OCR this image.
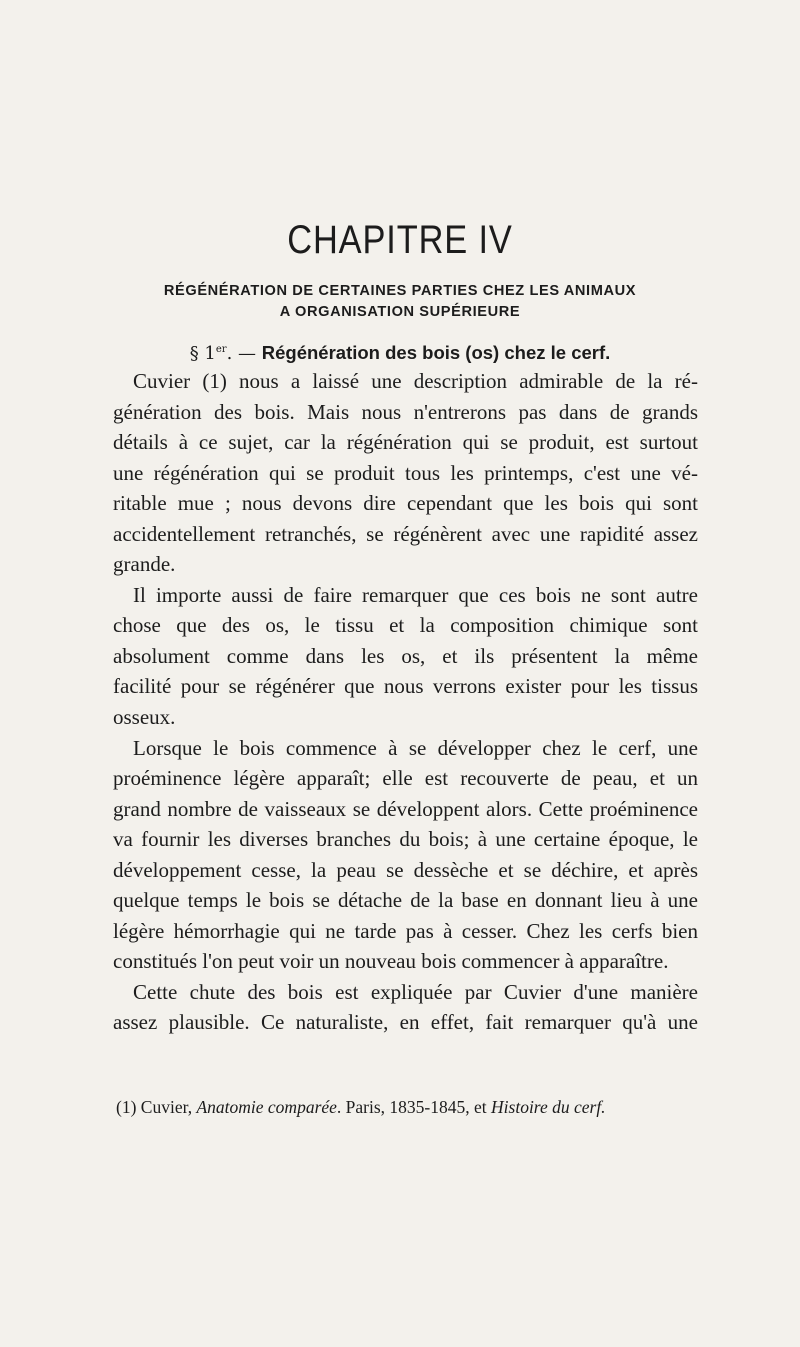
CHAPITRE IV
RÉGÉNÉRATION DE CERTAINES PARTIES CHEZ LES ANIMAUX
A ORGANISATION SUPÉRIEURE
§ 1er. — Régénération des bois (os) chez le cerf.
Cuvier (1) nous a laissé une description admirable de la ré-
génération des bois. Mais nous n'entrerons pas dans de grands
détails à ce sujet, car la régénération qui se produit, est surtout
une régénération qui se produit tous les printemps, c'est une vé-
ritable mue ; nous devons dire cependant que les bois qui sont
accidentellement retranchés, se régénèrent avec une rapidité assez
grande.
Il importe aussi de faire remarquer que ces bois ne sont autre
chose que des os, le tissu et la composition chimique sont
absolument comme dans les os, et ils présentent la même
facilité pour se régénérer que nous verrons exister pour les tissus
osseux.
Lorsque le bois commence à se développer chez le cerf, une
proéminence légère apparaît; elle est recouverte de peau, et un
grand nombre de vaisseaux se développent alors. Cette proéminence
va fournir les diverses branches du bois; à une certaine époque, le
développement cesse, la peau se dessèche et se déchire, et après
quelque temps le bois se détache de la base en donnant lieu à une
légère hémorrhagie qui ne tarde pas à cesser. Chez les cerfs bien
constitués l'on peut voir un nouveau bois commencer à apparaître.
Cette chute des bois est expliquée par Cuvier d'une manière
assez plausible. Ce naturaliste, en effet, fait remarquer qu'à une
(1) Cuvier, Anatomie comparée. Paris, 1835-1845, et Histoire du cerf.
